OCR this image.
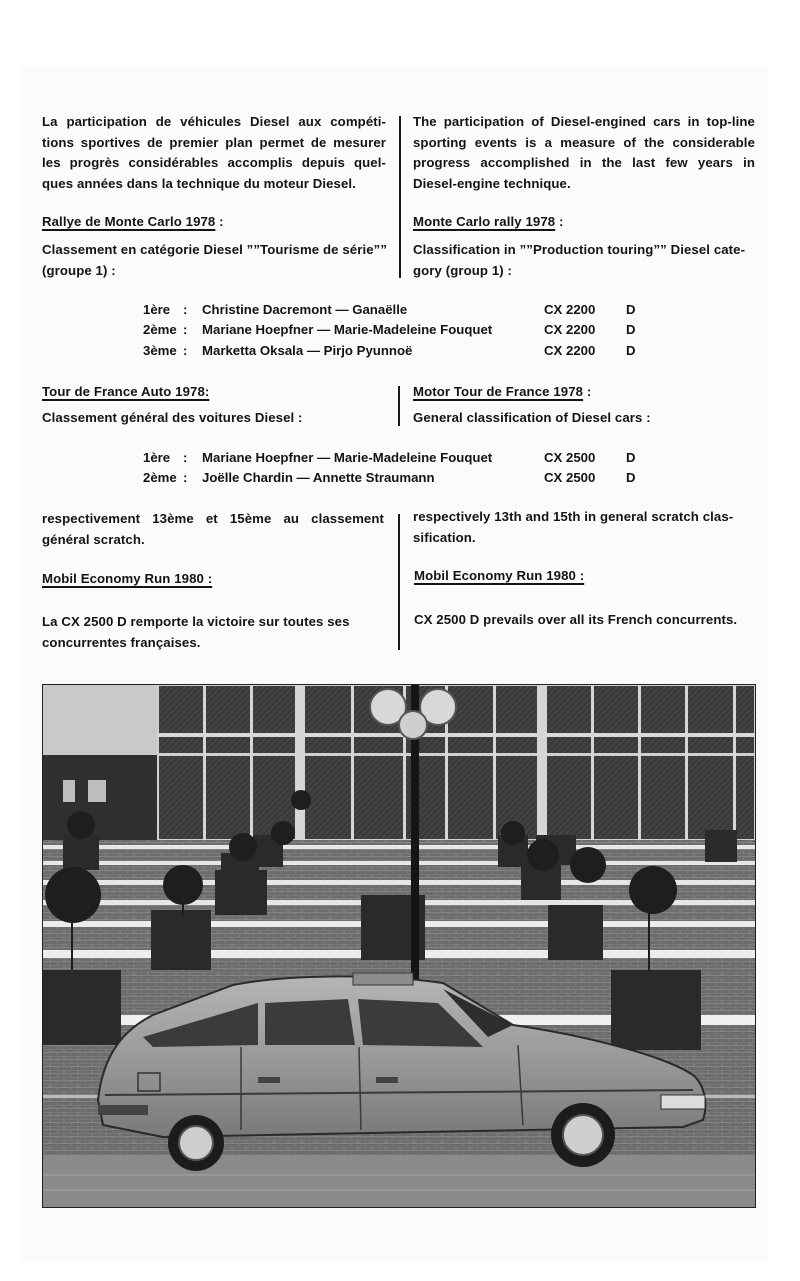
La participation de véhicules Diesel aux compéti-
tions sportives de premier plan permet de mesurer
les progrès considérables accomplis depuis quel-
ques années dans la technique du moteur Diesel.
The participation of Diesel-engined cars in top-line
sporting events is a measure of the considerable
progress accomplished in the last few years in
Diesel-engine technique.
Rallye de Monte Carlo 1978 :	Monte Carlo rally 1978 :
Classement en catégorie Diesel ””Tourisme de série””
(groupe 1) :
Classification in ””Production touring”” Diesel cate-
gory (group 1) :
1ère : Christine Dacremont — Ganaëlle	CX 2200 D
2ème : Mariane Hoepfner — Marie-Madeleine Fouquet	CX 2200 D
3ème : Marketta Oksala — Pirjo Pyunnoë	CX 2200 D
Tour de France Auto 1978:	Motor Tour de France 1978 :
Classement général des voitures Diesel :	General classification of Diesel cars :
1ère : Mariane Hoepfner — Marie-Madeleine Fouquet	CX 2500 D
2ème : Joëlle Chardin — Annette Straumann	CX 2500 D
respectivement 13ème et 15ème au classement
général scratch.
respectively 13th and 15th in general scratch clas-
sification.
Mobil Economy Run 1980 :	Mobil Economy Run 1980 :
La CX 2500 D remporte la victoire sur toutes ses
concurrentes françaises.
CX 2500 D prevails over all its French concurrents.
